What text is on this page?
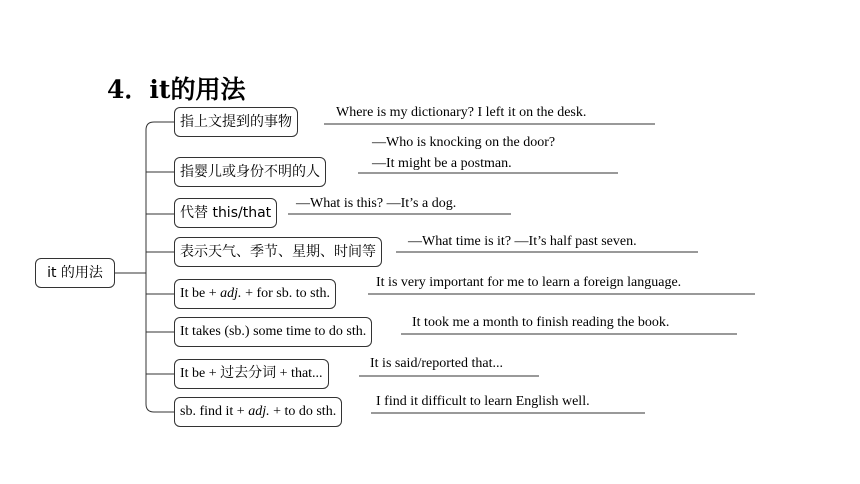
4．it的用法
it 的用法
指上文提到的事物
Where is my dictionary? I left it on the desk.
指婴儿或身份不明的人
—Who is knocking on the door?
—It might be a postman.
代替 this/that
—What is this? —It’s a dog.
表示天气、季节、星期、时间等
—What time is it? —It’s half past seven.
It be + adj. + for sb. to sth.
It is very important for me to learn a foreign language.
It takes (sb.) some time to do sth.
It took me a month to finish reading the book.
It be + 过去分词 + that...
It is said/reported that...
sb. find it + adj. + to do sth.
I find it difficult to learn English well.
